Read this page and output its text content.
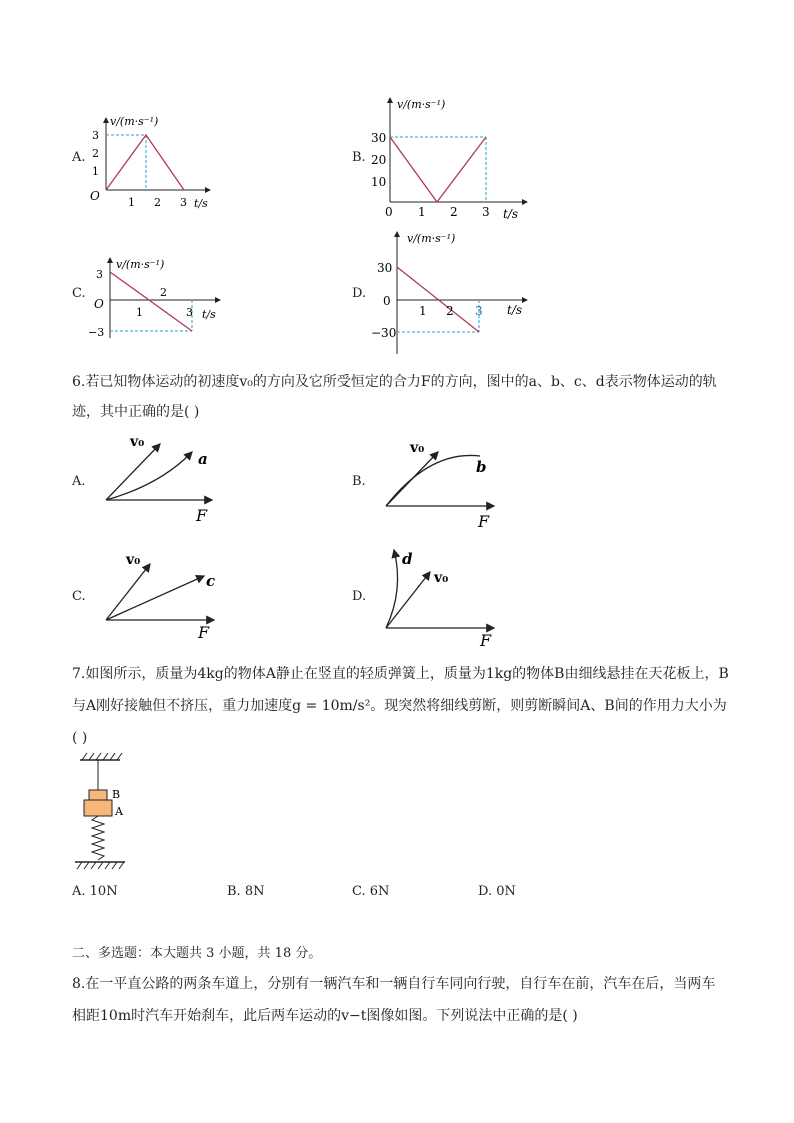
A.
v/(m·s⁻¹)
3
2
1
O	1 2 3 t/s
B.
v/(m·s⁻¹)
30
20
10
0 1 2 3 t/s
C.
v/(m·s⁻¹)
3
−3
O
1
2
3 t/s
D.
v/(m·s⁻¹)
30
0
−30
1 2 3 t/s
6.若已知物体运动的初速度v₀的方向及它所受恒定的合力F的方向，图中的a、b、c、d表示物体运动的轨
迹，其中正确的是( )
A.
v₀
a
F
B.
v₀
b
F
C.
v₀
c
F
D.
d
v₀
F
7.如图所示，质量为4kg的物体A静止在竖直的轻质弹簧上，质量为1kg的物体B由细线悬挂在天花板上，B
与A刚好接触但不挤压，重力加速度g = 10m/s²。现突然将细线剪断，则剪断瞬间A、B间的作用力大小为
( )
B
A
A. 10N	B. 8N	C. 6N	D. 0N
二、多选题：本大题共 3 小题，共 18 分。
8.在一平直公路的两条车道上，分别有一辆汽车和一辆自行车同向行驶，自行车在前，汽车在后，当两车
相距10m时汽车开始刹车，此后两车运动的v−t图像如图。下列说法中正确的是( )
